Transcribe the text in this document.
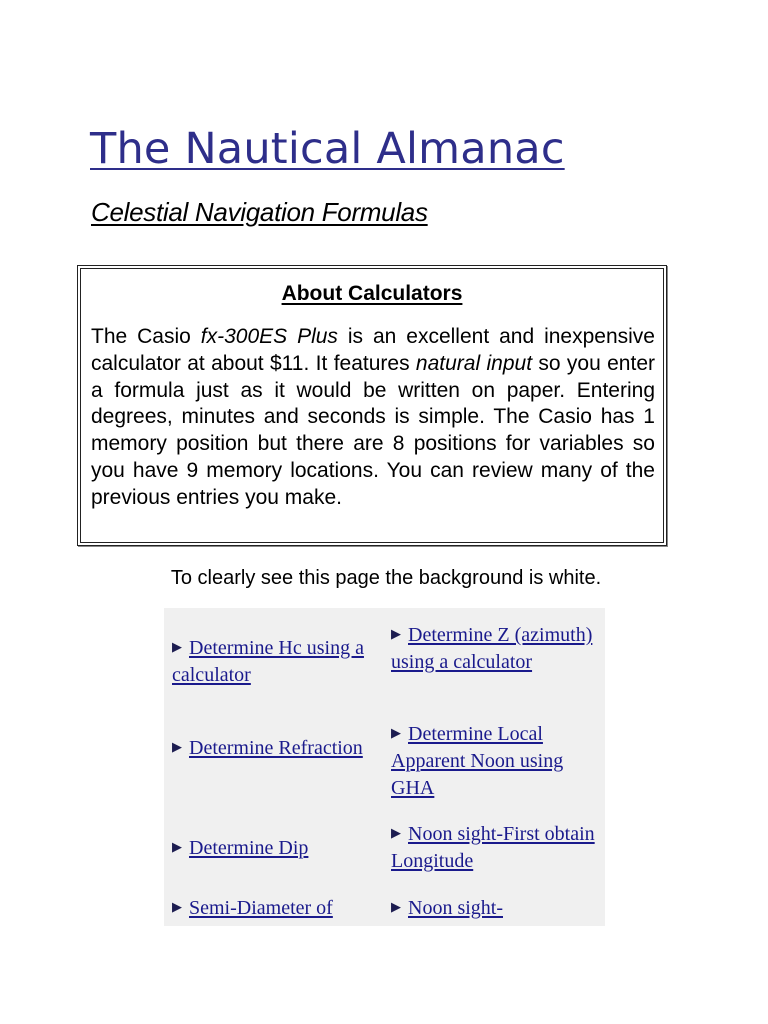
The Nautical Almanac
Celestial Navigation Formulas
About Calculators
The Casio fx-300ES Plus is an excellent and inexpensive calculator at about $11. It features natural input so you enter a formula just as it would be written on paper. Entering degrees, minutes and seconds is simple. The Casio has 1 memory position but there are 8 positions for variables so you have 9 memory locations. You can review many of the previous entries you make.
To clearly see this page the background is white.
▶ Determine Hc using a calculator
▶ Determine Z (azimuth) using a calculator
▶ Determine Refraction
▶ Determine Local Apparent Noon using GHA
▶ Determine Dip
▶ Noon sight-First obtain Longitude
▶ Semi-Diameter of	▶ Noon sight-
